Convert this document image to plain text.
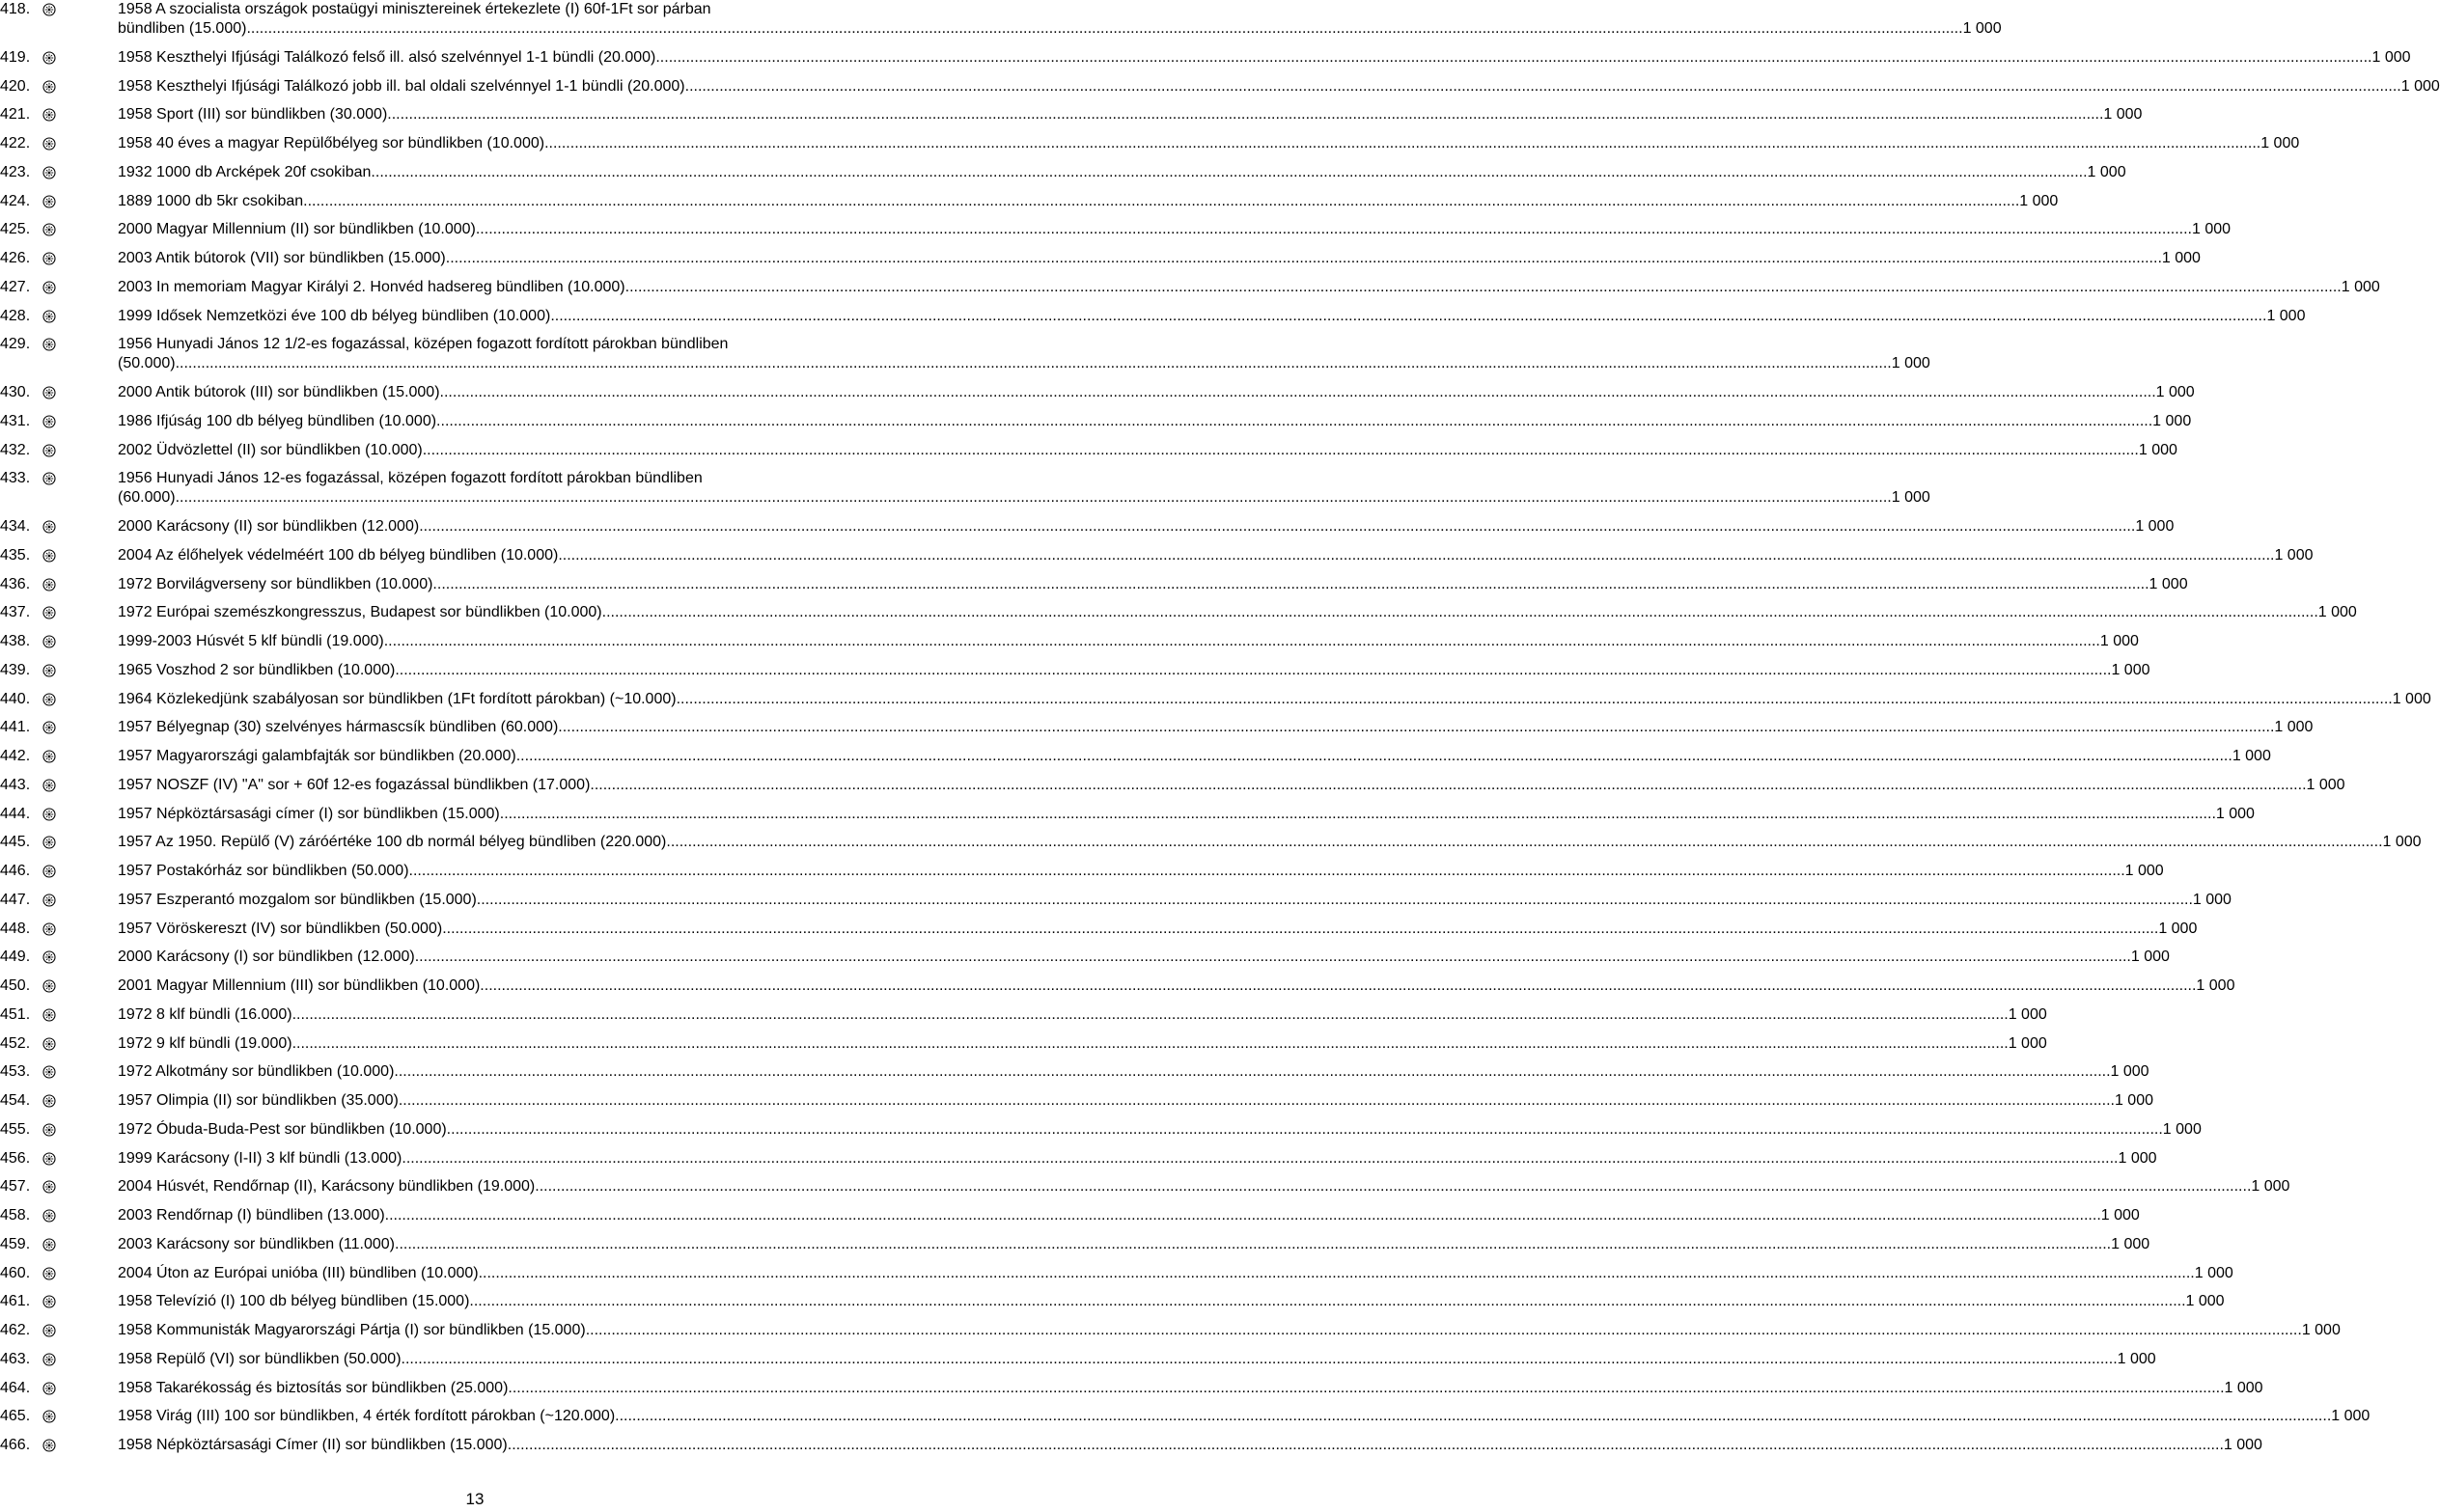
418.	1958 A szocialista országok postaügyi minisztereinek értekezlete (I) 60f-1Ft sor párban
bündliben (15.000) ................................................................................................................................................................................................................................................................................................................................................................................................................ 1 000
419.	1958 Keszthelyi Ifjúsági Találkozó felső ill. alsó szelvénnyel 1-1 bündli (20.000) ................................................................................................................................................................................................................................................................................................................................................................................................................ 1 000
420.	1958 Keszthelyi Ifjúsági Találkozó jobb ill. bal oldali szelvénnyel 1-1 bündli (20.000) ................................................................................................................................................................................................................................................................................................................................................................................................................ 1 000
421.	1958 Sport (III) sor bündlikben (30.000) ................................................................................................................................................................................................................................................................................................................................................................................................................ 1 000
422.	1958 40 éves a magyar Repülőbélyeg sor bündlikben (10.000) ................................................................................................................................................................................................................................................................................................................................................................................................................ 1 000
423.	1932 1000 db Arcképek 20f csokiban ................................................................................................................................................................................................................................................................................................................................................................................................................ 1 000
424.	1889 1000 db 5kr csokiban ................................................................................................................................................................................................................................................................................................................................................................................................................ 1 000
425.	2000 Magyar Millennium (II) sor bündlikben (10.000) ................................................................................................................................................................................................................................................................................................................................................................................................................ 1 000
426.	2003 Antik bútorok (VII) sor bündlikben (15.000) ................................................................................................................................................................................................................................................................................................................................................................................................................ 1 000
427.	2003 In memoriam Magyar Királyi 2. Honvéd hadsereg bündliben (10.000) ................................................................................................................................................................................................................................................................................................................................................................................................................ 1 000
428.	1999 Idősek Nemzetközi éve 100 db bélyeg bündliben (10.000) ................................................................................................................................................................................................................................................................................................................................................................................................................ 1 000
429.	1956 Hunyadi János 12 1/2-es fogazással, középen fogazott fordított párokban bündliben
(50.000) ................................................................................................................................................................................................................................................................................................................................................................................................................ 1 000
430.	2000 Antik bútorok (III) sor bündlikben (15.000) ................................................................................................................................................................................................................................................................................................................................................................................................................ 1 000
431.	1986 Ifjúság 100 db bélyeg bündliben (10.000) ................................................................................................................................................................................................................................................................................................................................................................................................................ 1 000
432.	2002 Üdvözlettel (II) sor bündlikben (10.000) ................................................................................................................................................................................................................................................................................................................................................................................................................ 1 000
433.	1956 Hunyadi János 12-es fogazással, középen fogazott fordított párokban bündliben
(60.000) ................................................................................................................................................................................................................................................................................................................................................................................................................ 1 000
434.	2000 Karácsony (II) sor bündlikben (12.000) ................................................................................................................................................................................................................................................................................................................................................................................................................ 1 000
435.	2004 Az élőhelyek védelméért 100 db bélyeg bündliben (10.000) ................................................................................................................................................................................................................................................................................................................................................................................................................ 1 000
436.	1972 Borvilágverseny sor bündlikben (10.000) ................................................................................................................................................................................................................................................................................................................................................................................................................ 1 000
437.	1972 Európai szemészkongresszus, Budapest sor bündlikben (10.000) ................................................................................................................................................................................................................................................................................................................................................................................................................ 1 000
438.	1999-2003 Húsvét 5 klf bündli (19.000) ................................................................................................................................................................................................................................................................................................................................................................................................................ 1 000
439.	1965 Voszhod 2 sor bündlikben (10.000) ................................................................................................................................................................................................................................................................................................................................................................................................................ 1 000
440.	1964 Közlekedjünk szabályosan sor bündlikben (1Ft fordított párokban) (~10.000) ................................................................................................................................................................................................................................................................................................................................................................................................................ 1 000
441.	1957 Bélyegnap (30) szelvényes hármascsík bündliben (60.000) ................................................................................................................................................................................................................................................................................................................................................................................................................ 1 000
442.	1957 Magyarországi galambfajták sor bündlikben (20.000) ................................................................................................................................................................................................................................................................................................................................................................................................................ 1 000
443.	1957 NOSZF (IV) "A" sor + 60f 12-es fogazással bündlikben (17.000) ................................................................................................................................................................................................................................................................................................................................................................................................................ 1 000
444.	1957 Népköztársasági címer (I) sor bündlikben (15.000) ................................................................................................................................................................................................................................................................................................................................................................................................................ 1 000
445.	1957 Az 1950. Repülő (V) záróértéke 100 db normál bélyeg bündliben (220.000) ................................................................................................................................................................................................................................................................................................................................................................................................................ 1 000
446.	1957 Postakórház sor bündlikben (50.000) ................................................................................................................................................................................................................................................................................................................................................................................................................ 1 000
447.	1957 Eszperantó mozgalom sor bündlikben (15.000) ................................................................................................................................................................................................................................................................................................................................................................................................................ 1 000
448.	1957 Vöröskereszt (IV) sor bündlikben (50.000) ................................................................................................................................................................................................................................................................................................................................................................................................................ 1 000
449.	2000 Karácsony (I) sor bündlikben (12.000) ................................................................................................................................................................................................................................................................................................................................................................................................................ 1 000
450.	2001 Magyar Millennium (III) sor bündlikben (10.000) ................................................................................................................................................................................................................................................................................................................................................................................................................ 1 000
451.	1972 8 klf bündli (16.000) ................................................................................................................................................................................................................................................................................................................................................................................................................ 1 000
452.	1972 9 klf bündli (19.000) ................................................................................................................................................................................................................................................................................................................................................................................................................ 1 000
453.	1972 Alkotmány sor bündlikben (10.000) ................................................................................................................................................................................................................................................................................................................................................................................................................ 1 000
454.	1957 Olimpia (II) sor bündlikben (35.000) ................................................................................................................................................................................................................................................................................................................................................................................................................ 1 000
455.	1972 Óbuda-Buda-Pest sor bündlikben (10.000) ................................................................................................................................................................................................................................................................................................................................................................................................................ 1 000
456.	1999 Karácsony (I-II) 3 klf bündli (13.000) ................................................................................................................................................................................................................................................................................................................................................................................................................ 1 000
457.	2004 Húsvét, Rendőrnap (II), Karácsony bündlikben (19.000) ................................................................................................................................................................................................................................................................................................................................................................................................................ 1 000
458.	2003 Rendőrnap (I) bündliben (13.000) ................................................................................................................................................................................................................................................................................................................................................................................................................ 1 000
459.	2003 Karácsony sor bündlikben (11.000) ................................................................................................................................................................................................................................................................................................................................................................................................................ 1 000
460.	2004 Úton az Európai unióba (III) bündliben (10.000) ................................................................................................................................................................................................................................................................................................................................................................................................................ 1 000
461.	1958 Televízió (I) 100 db bélyeg bündliben (15.000) ................................................................................................................................................................................................................................................................................................................................................................................................................ 1 000
462.	1958 Kommunisták Magyarországi Pártja (I) sor bündlikben (15.000) ................................................................................................................................................................................................................................................................................................................................................................................................................ 1 000
463.	1958 Repülő (VI) sor bündlikben (50.000) ................................................................................................................................................................................................................................................................................................................................................................................................................ 1 000
464.	1958 Takarékosság és biztosítás sor bündlikben (25.000) ................................................................................................................................................................................................................................................................................................................................................................................................................ 1 000
465.	1958 Virág (III) 100 sor bündlikben, 4 érték fordított párokban (~120.000) ................................................................................................................................................................................................................................................................................................................................................................................................................ 1 000
466.	1958 Népköztársasági Címer (II) sor bündlikben (15.000) ................................................................................................................................................................................................................................................................................................................................................................................................................ 1 000
13
